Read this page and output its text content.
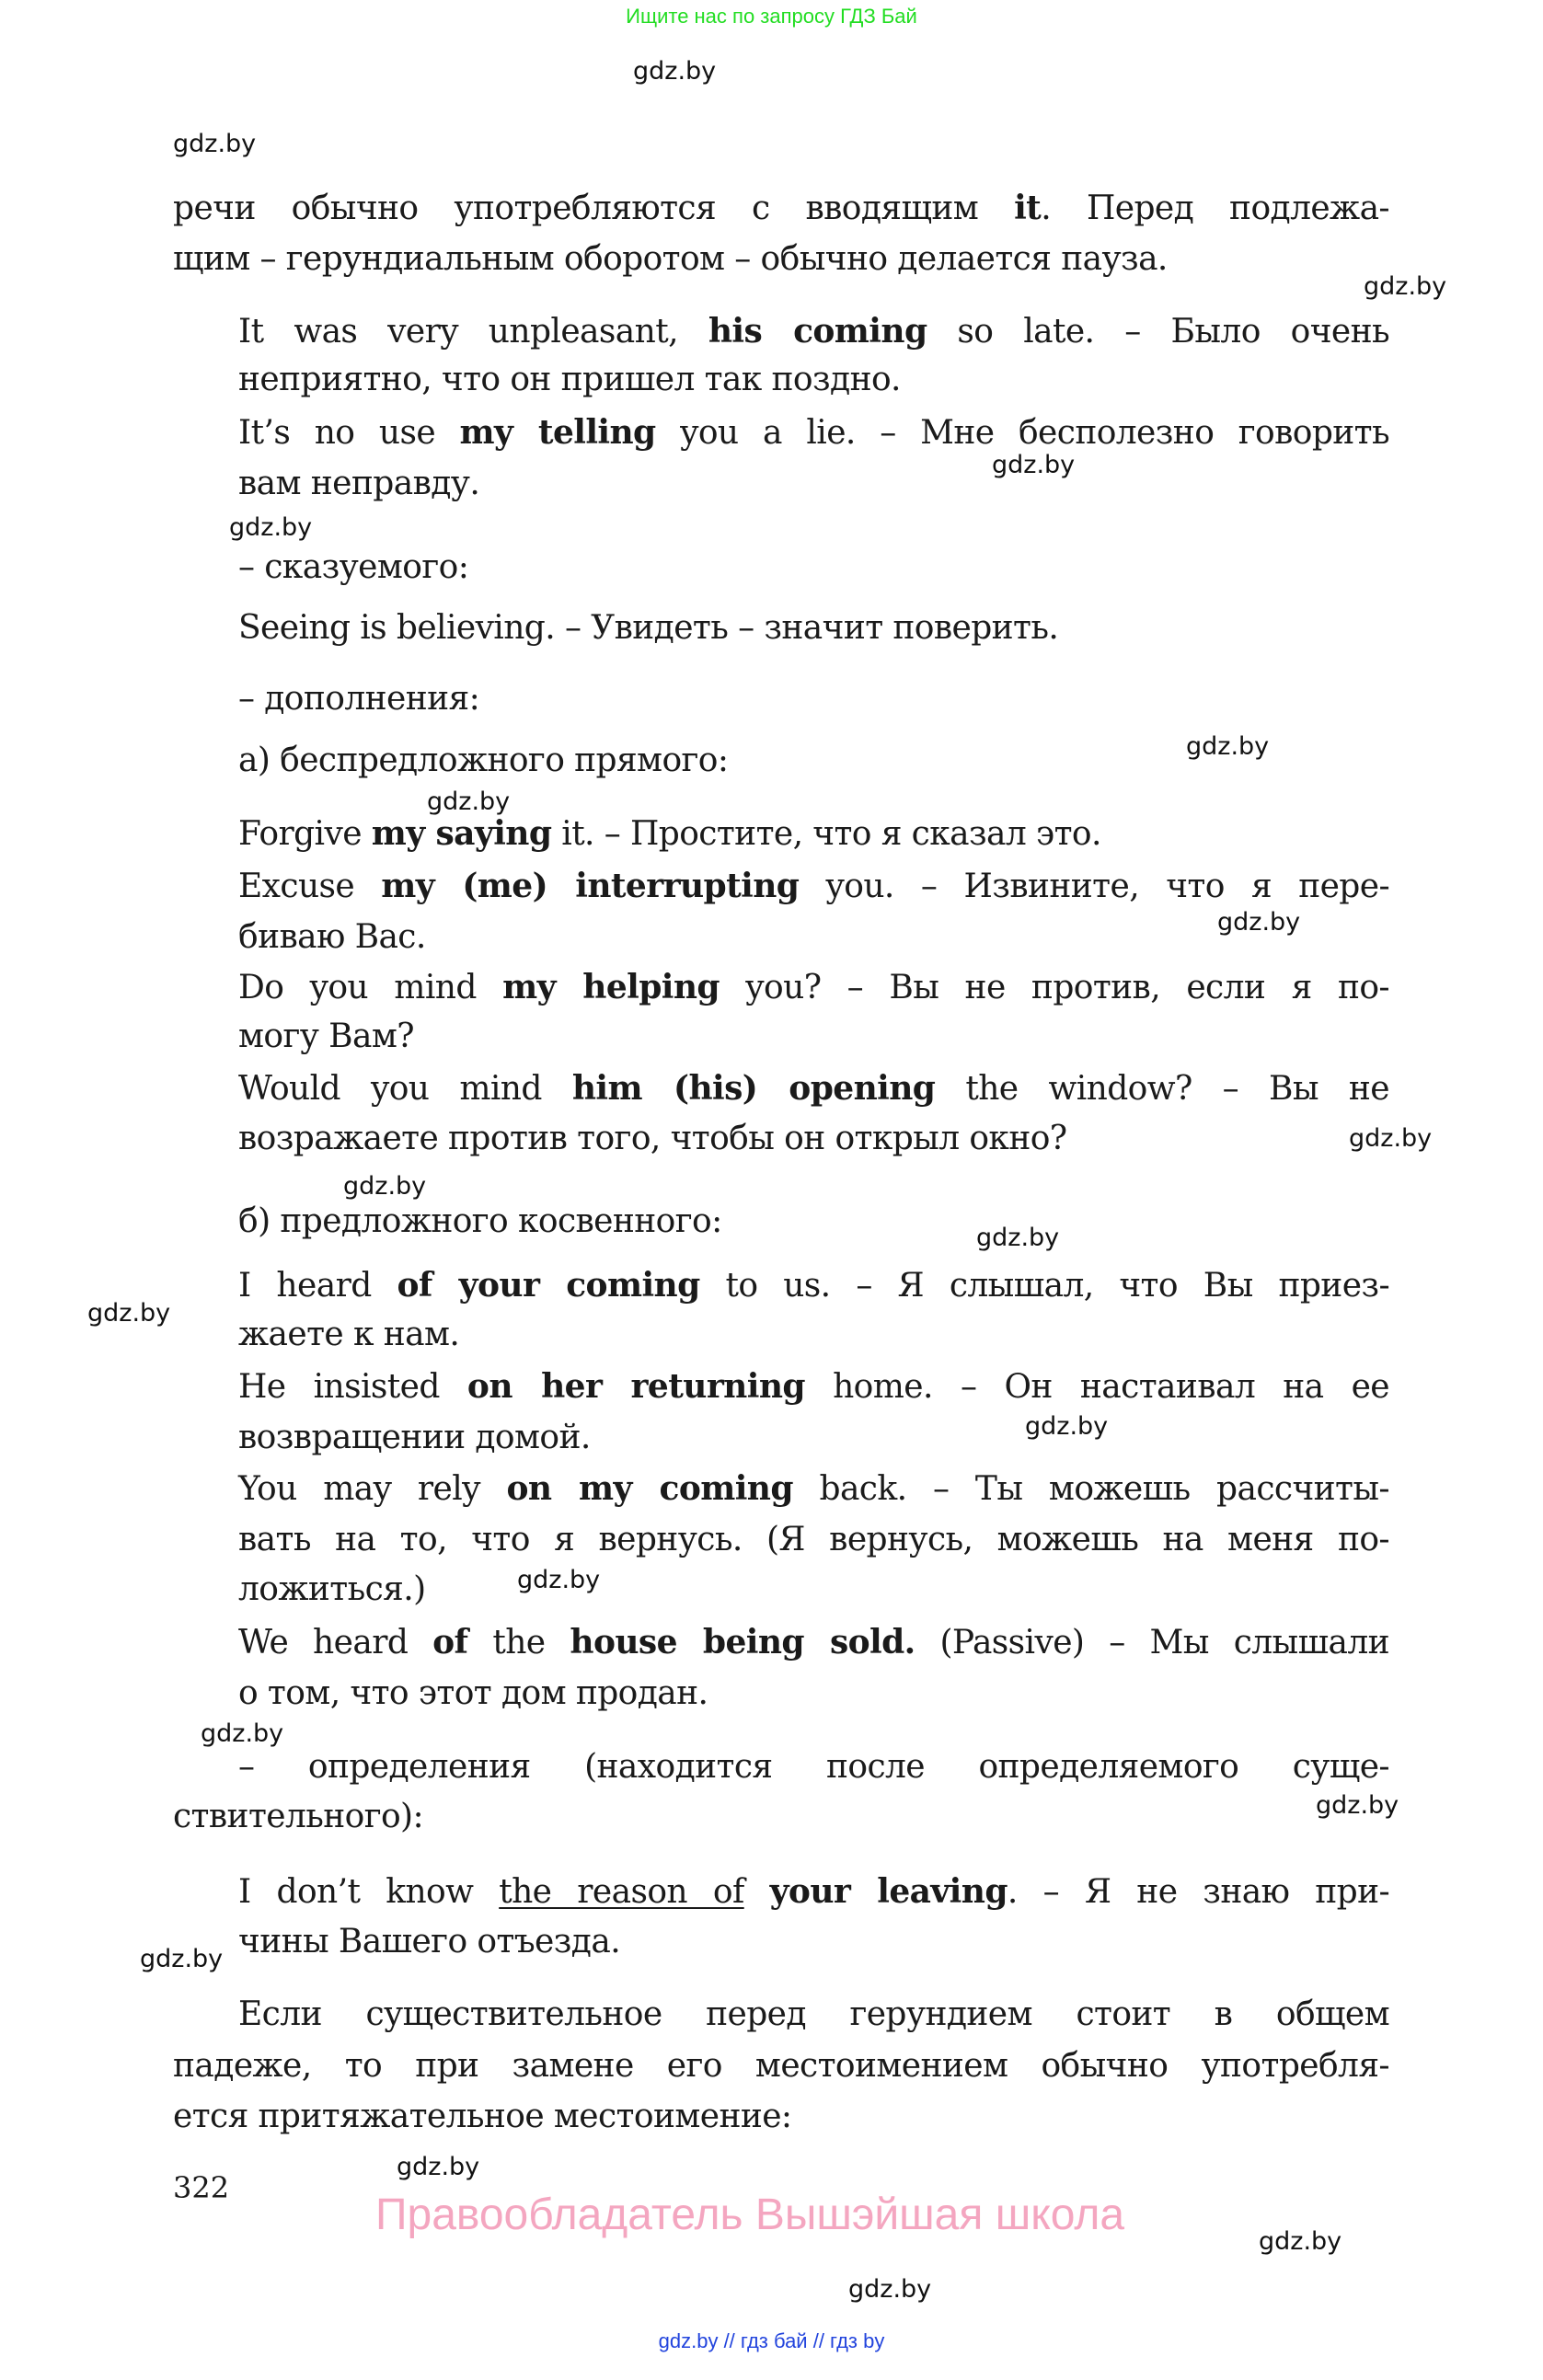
Ищите нас по запросу ГДЗ Бай
gdz.by
gdz.by
gdz.by
gdz.by
gdz.by
gdz.by
gdz.by
gdz.by
gdz.by
gdz.by
gdz.by
gdz.by
gdz.by
gdz.by
gdz.by
gdz.by
gdz.by
gdz.by
gdz.by
gdz.by
речи обычно употребляются с вводящим it. Перед подлежа-
щим – герундиальным оборотом – обычно делается пауза.
It was very unpleasant, his coming so late. – Было очень
неприятно, что он пришел так поздно.
It’s no use my telling you a lie. – Мне бесполезно говорить
вам неправду.
– сказуемого:
Seeing is believing. – Увидеть – значит поверить.
– дополнения:
а) беспредложного прямого:
Forgive my saying it. – Простите, что я сказал это.
Excuse my (me) interrupting you. – Извините, что я пере-
биваю Вас.
Do you mind my helping you? – Вы не против, если я по-
могу Вам?
Would you mind him (his) opening the window? – Вы не
возражаете против того, чтобы он открыл окно?
б) предложного косвенного:
I heard of your coming to us. – Я слышал, что Вы приез-
жаете к нам.
He insisted on her returning home. – Он настаивал на ее
возвращении домой.
You may rely on my coming back. – Ты можешь рассчиты-
вать на то, что я вернусь. (Я вернусь, можешь на меня по-
ложиться.)
We heard of the house being sold. (Passive) – Мы слышали
о том, что этот дом продан.
– определения (находится после определяемого суще-
ствительного):
I don’t know the reason of your leaving. – Я не знаю при-
чины Вашего отъезда.
Если существительное перед герундием стоит в общем
падеже, то при замене его местоимением обычно употребля-
ется притяжательное местоимение:
322
Правообладатель Вышэйшая школа
gdz.by // гдз бай // гдз by
